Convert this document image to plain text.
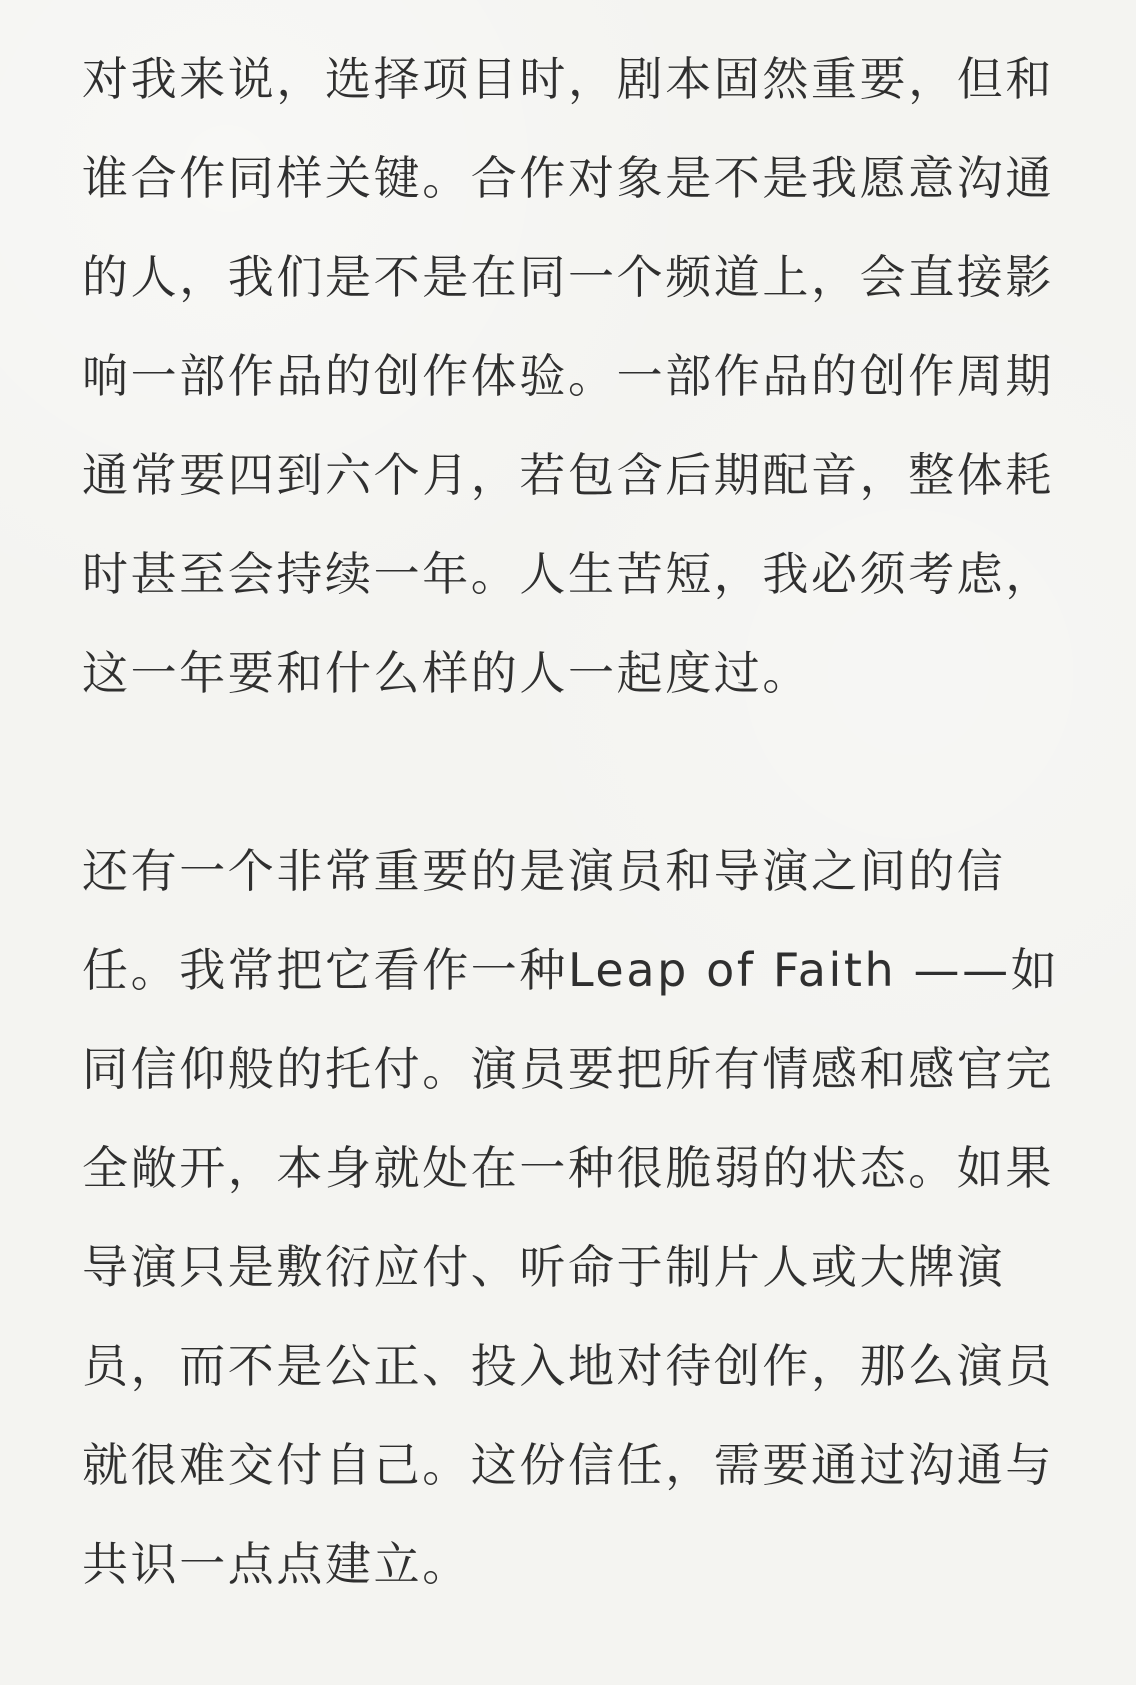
对我来说，选择项目时，剧本固然重要，但和
谁合作同样关键。合作对象是不是我愿意沟通
的人，我们是不是在同一个频道上，会直接影
响一部作品的创作体验。一部作品的创作周期
通常要四到六个月，若包含后期配音，整体耗
时甚至会持续一年。人生苦短，我必须考虑，
这一年要和什么样的人一起度过。
还有一个非常重要的是演员和导演之间的信
任。我常把它看作一种Leap of Faith ——如
同信仰般的托付。演员要把所有情感和感官完
全敞开，本身就处在一种很脆弱的状态。如果
导演只是敷衍应付、听命于制片人或大牌演
员，而不是公正、投入地对待创作，那么演员
就很难交付自己。这份信任，需要通过沟通与
共识一点点建立。
